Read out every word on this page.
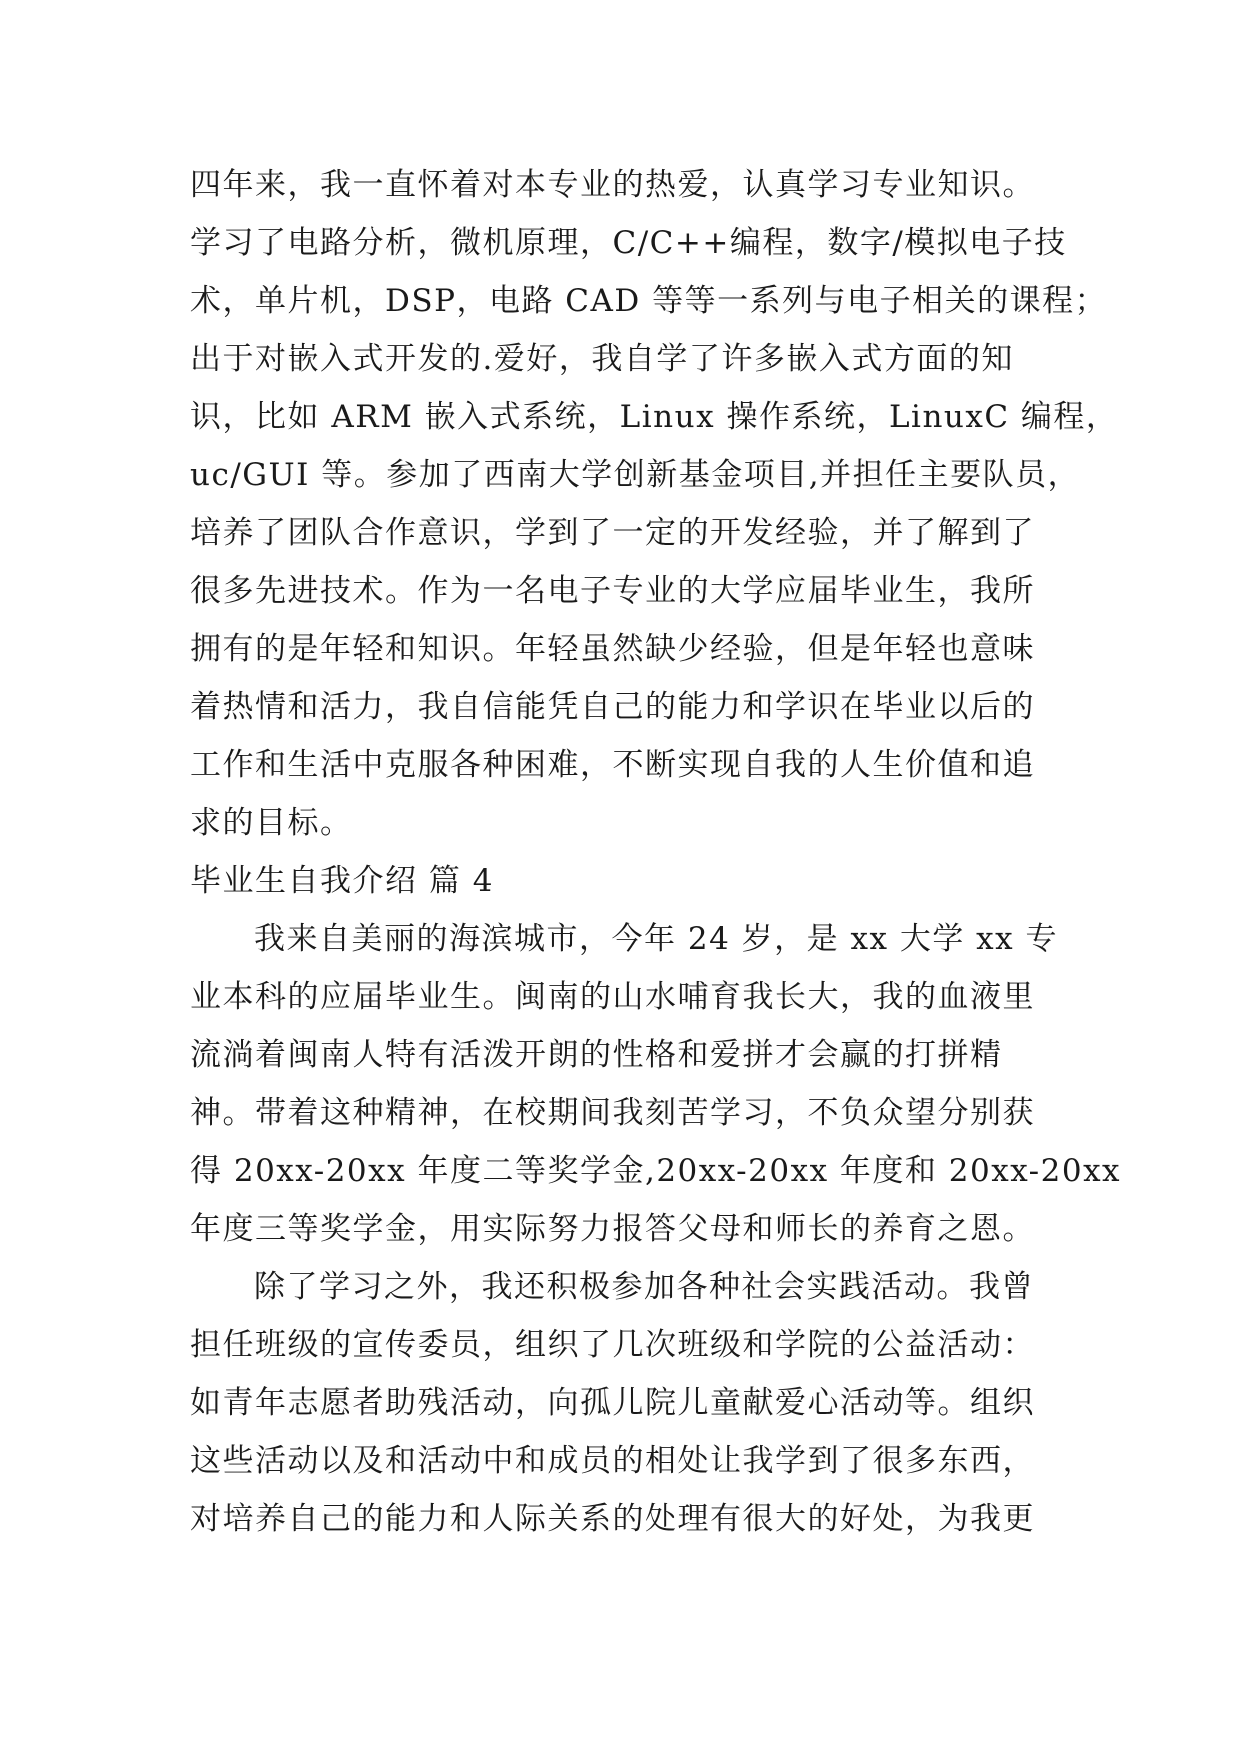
四年来，我一直怀着对本专业的热爱，认真学习专业知识。
学习了电路分析，微机原理，C/C++编程，数字/模拟电子技
术，单片机，DSP，电路 CAD 等等一系列与电子相关的课程；
出于对嵌入式开发的.爱好，我自学了许多嵌入式方面的知
识，比如 ARM 嵌入式系统，Linux 操作系统，LinuxC 编程，
uc/GUI 等。参加了西南大学创新基金项目,并担任主要队员，
培养了团队合作意识，学到了一定的开发经验，并了解到了
很多先进技术。作为一名电子专业的大学应届毕业生，我所
拥有的是年轻和知识。年轻虽然缺少经验，但是年轻也意味
着热情和活力，我自信能凭自己的能力和学识在毕业以后的
工作和生活中克服各种困难，不断实现自我的人生价值和追
求的目标。
毕业生自我介绍 篇 4
我来自美丽的海滨城市，今年 24 岁，是 xx 大学 xx 专
业本科的应届毕业生。闽南的山水哺育我长大，我的血液里
流淌着闽南人特有活泼开朗的性格和爱拼才会赢的打拼精
神。带着这种精神，在校期间我刻苦学习，不负众望分别获
得 20xx-20xx 年度二等奖学金,20xx-20xx 年度和 20xx-20xx
年度三等奖学金，用实际努力报答父母和师长的养育之恩。
除了学习之外，我还积极参加各种社会实践活动。我曾
担任班级的宣传委员，组织了几次班级和学院的公益活动：
如青年志愿者助残活动，向孤儿院儿童献爱心活动等。组织
这些活动以及和活动中和成员的相处让我学到了很多东西，
对培养自己的能力和人际关系的处理有很大的好处，为我更
